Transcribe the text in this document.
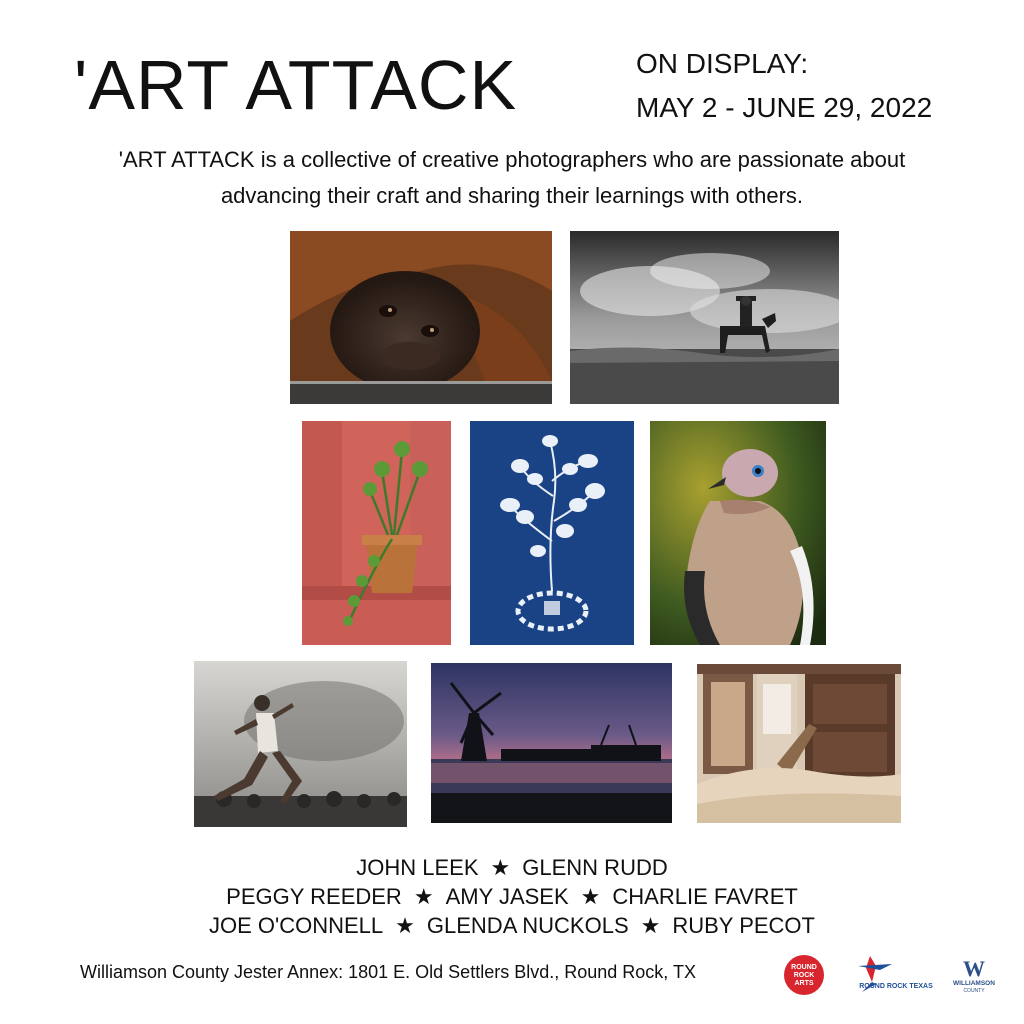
'ART ATTACK	ON DISPLAY:
MAY 2 - JUNE 29, 2022
'ART ATTACK is a collective of creative photographers who are passionate about
advancing their craft and sharing their learnings with others.
JOHN LEEK ★ GLENN RUDD
PEGGY REEDER ★ AMY JASEK ★ CHARLIE FAVRET
JOE O'CONNELL ★ GLENDA NUCKOLS ★ RUBY PECOT
Williamson County Jester Annex: 1801 E. Old Settlers Blvd., Round Rock, TX	ROUND
ROCK
ARTS	ROUND ROCK TEXAS
W
WILLIAMSON
COUNTY
